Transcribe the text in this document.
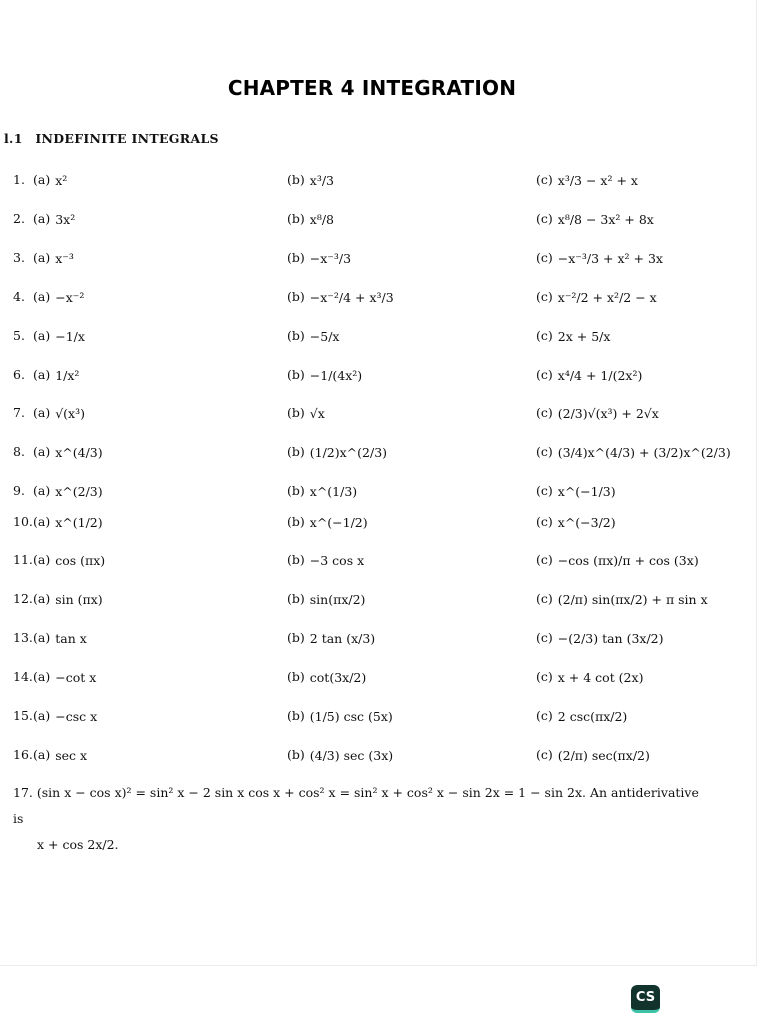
CHAPTER 4 INTEGRATION
l.1 INDEFINITE INTEGRALS
1. (a) x²	(b) x³/3	(c) x³/3 − x² + x
2. (a) 3x²	(b) x⁸/8	(c) x⁸/8 − 3x² + 8x
3. (a) x⁻³	(b) −x⁻³/3	(c) −x⁻³/3 + x² + 3x
4. (a) −x⁻²	(b) −x⁻²/4 + x³/3	(c) x⁻²/2 + x²/2 − x
5. (a) −1/x	(b) −5/x	(c) 2x + 5/x
6. (a) 1/x²	(b) −1/(4x²)	(c) x⁴/4 + 1/(2x²)
7. (a) √(x³)	(b) √x	(c) (2/3)√(x³) + 2√x
8. (a) x^(4/3)	(b) (1/2)x^(2/3)	(c) (3/4)x^(4/3) + (3/2)x^(2/3)
9. (a) x^(2/3)	(b) x^(1/3)	(c) x^(−1/3)
10. (a) x^(1/2)	(b) x^(−1/2)	(c) x^(−3/2)
11. (a) cos (πx)	(b) −3 cos x	(c) −cos (πx)/π + cos (3x)
12. (a) sin (πx)	(b) sin(πx/2)	(c) (2/π) sin(πx/2) + π sin x
13. (a) tan x	(b) 2 tan (x/3)	(c) −(2/3) tan (3x/2)
14. (a) −cot x	(b) cot(3x/2)	(c) x + 4 cot (2x)
15. (a) −csc x	(b) (1/5) csc (5x)	(c) 2 csc(πx/2)
16. (a) sec x	(b) (4/3) sec (3x)	(c) (2/π) sec(πx/2)
17. (sin x − cos x)² = sin² x − 2 sin x cos x + cos² x = sin² x + cos² x − sin 2x = 1 − sin 2x. An antiderivative is
x + cos 2x/2.
CS
